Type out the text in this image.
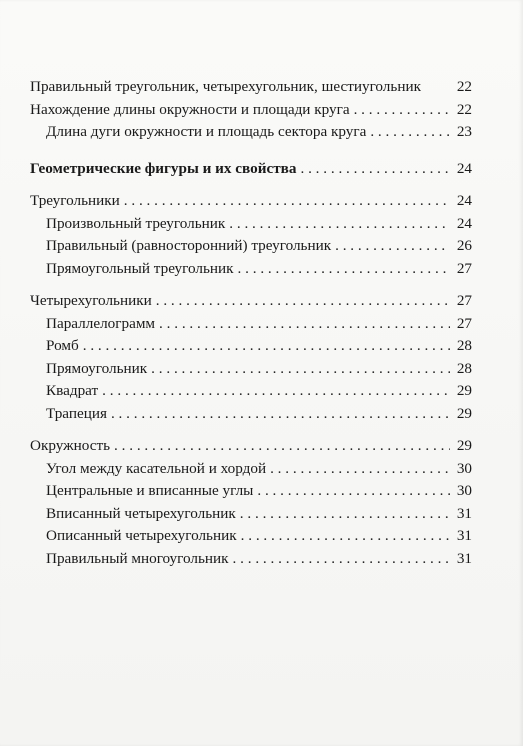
Правильный треугольник, четырехугольник, шестиугольник 22
Нахождение длины окружности и площади круга . . .	22
Длина дуги окружности и площадь сектора круга . . .	23
Геометрические фигуры и их свойства . . .	24
Треугольники . . .	24
Произвольный треугольник . . .	24
Правильный (равносторонний) треугольник . . .	26
Прямоугольный треугольник . . .	27
Четырехугольники . . .	27
Параллелограмм . . .	27
Ромб . . .	28
Прямоугольник . . .	28
Квадрат . . .	29
Трапеция . . .	29
Окружность . . .	29
Угол между касательной и хордой . . .	30
Центральные и вписанные углы . . .	30
Вписанный четырехугольник . . .	31
Описанный четырехугольник . . .	31
Правильный многоугольник . . .	31
